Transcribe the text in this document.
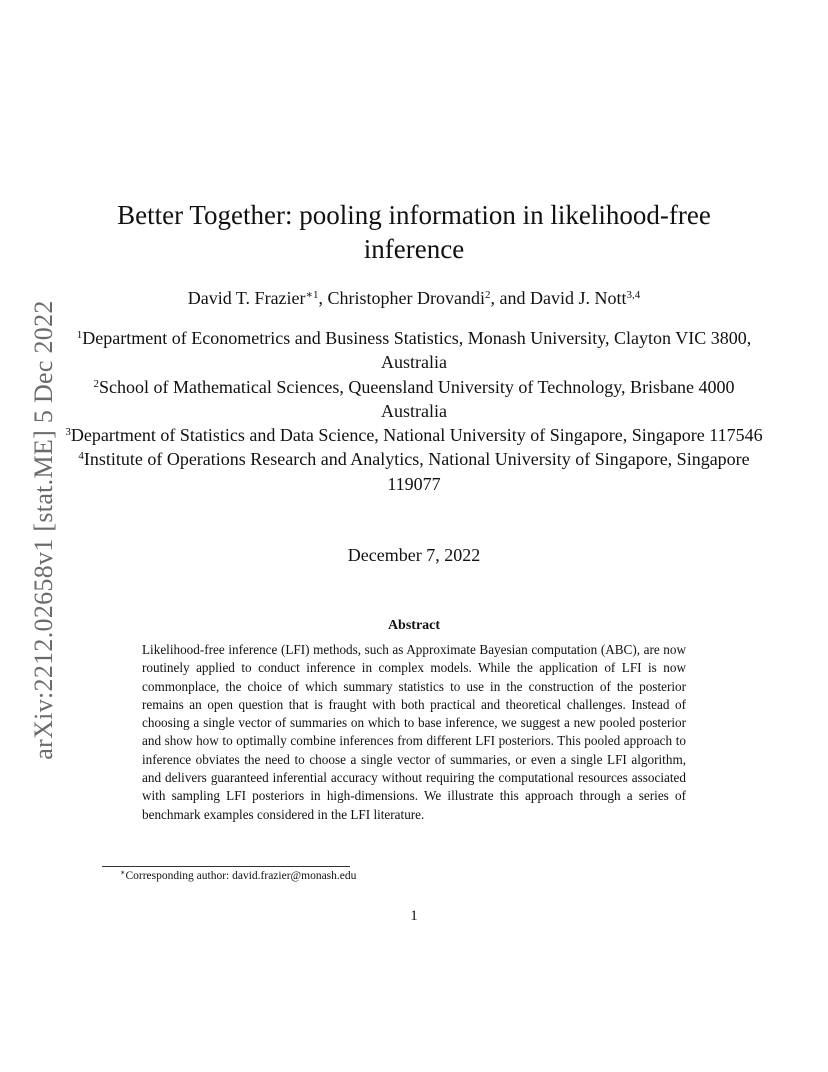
arXiv:2212.02658v1 [stat.ME] 5 Dec 2022
Better Together: pooling information in likelihood-free inference
David T. Frazier$^{∗1}$, Christopher Drovandi$^2$, and David J. Nott$^{3,4}$
$^1$Department of Econometrics and Business Statistics, Monash University, Clayton VIC 3800, Australia
$^2$School of Mathematical Sciences, Queensland University of Technology, Brisbane 4000 Australia
$^3$Department of Statistics and Data Science, National University of Singapore, Singapore 117546
$^4$Institute of Operations Research and Analytics, National University of Singapore, Singapore 119077
December 7, 2022
Abstract

Likelihood-free inference (LFI) methods, such as Approximate Bayesian computation (ABC), are now routinely applied to conduct inference in complex models. While the application of LFI is now commonplace, the choice of which summary statistics to use in the construction of the posterior remains an open question that is fraught with both practical and theoretical challenges. Instead of choosing a single vector of summaries on which to base inference, we suggest a new pooled posterior and show how to optimally combine inferences from different LFI posteriors. This pooled approach to inference obviates the need to choose a single vector of summaries, or even a single LFI algorithm, and delivers guaranteed inferential accuracy without requiring the computational resources associated with sampling LFI posteriors in high-dimensions. We illustrate this approach through a series of benchmark examples considered in the LFI literature.

∗Corresponding author: david.frazier@monash.edu
1
